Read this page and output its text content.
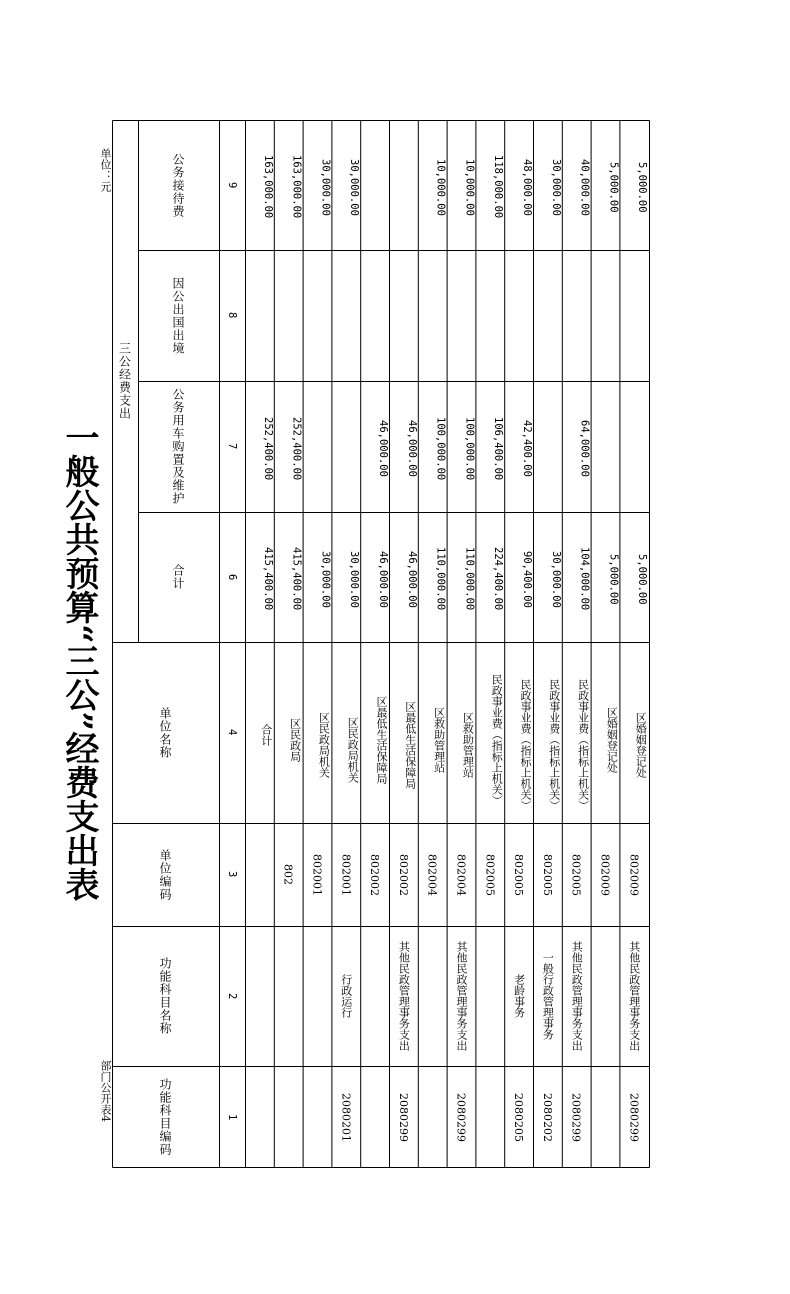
一般公共预算“三公”经费支出表
部门公开表4
单位：元
三公经费支出
功能科目编码
功能科目名称
单位编码
单位名称
合计
公务用车购置及维护
因公出国出境
公务接待费
1
2
3
4
6
7
8
9
合计
415,400.00
252,400.00
163,000.00
802
区民政局
415,400.00
252,400.00
163,000.00
802001
区民政局机关
30,000.00
30,000.00
2080201
行政运行
802001
区民政局机关
30,000.00
30,000.00
802002
区最低生活保障局
46,000.00
46,000.00
2080299
其他民政管理事务支出
802002
区最低生活保障局
46,000.00
46,000.00
802004
区救助管理站
110,000.00
100,000.00
10,000.00
2080299
其他民政管理事务支出
802004
区救助管理站
110,000.00
100,000.00
10,000.00
802005
民政事业费（指标上机关）
224,400.00
106,400.00
118,000.00
2080205
老龄事务
802005
民政事业费（指标上机关）
90,400.00
42,400.00
48,000.00
2080202
一般行政管理事务
802005
民政事业费（指标上机关）
30,000.00
30,000.00
2080299
其他民政管理事务支出
802005
民政事业费（指标上机关）
104,000.00
64,000.00
40,000.00
802009
区婚姻登记处
5,000.00
5,000.00
2080299
其他民政管理事务支出
802009
区婚姻登记处
5,000.00
5,000.00
